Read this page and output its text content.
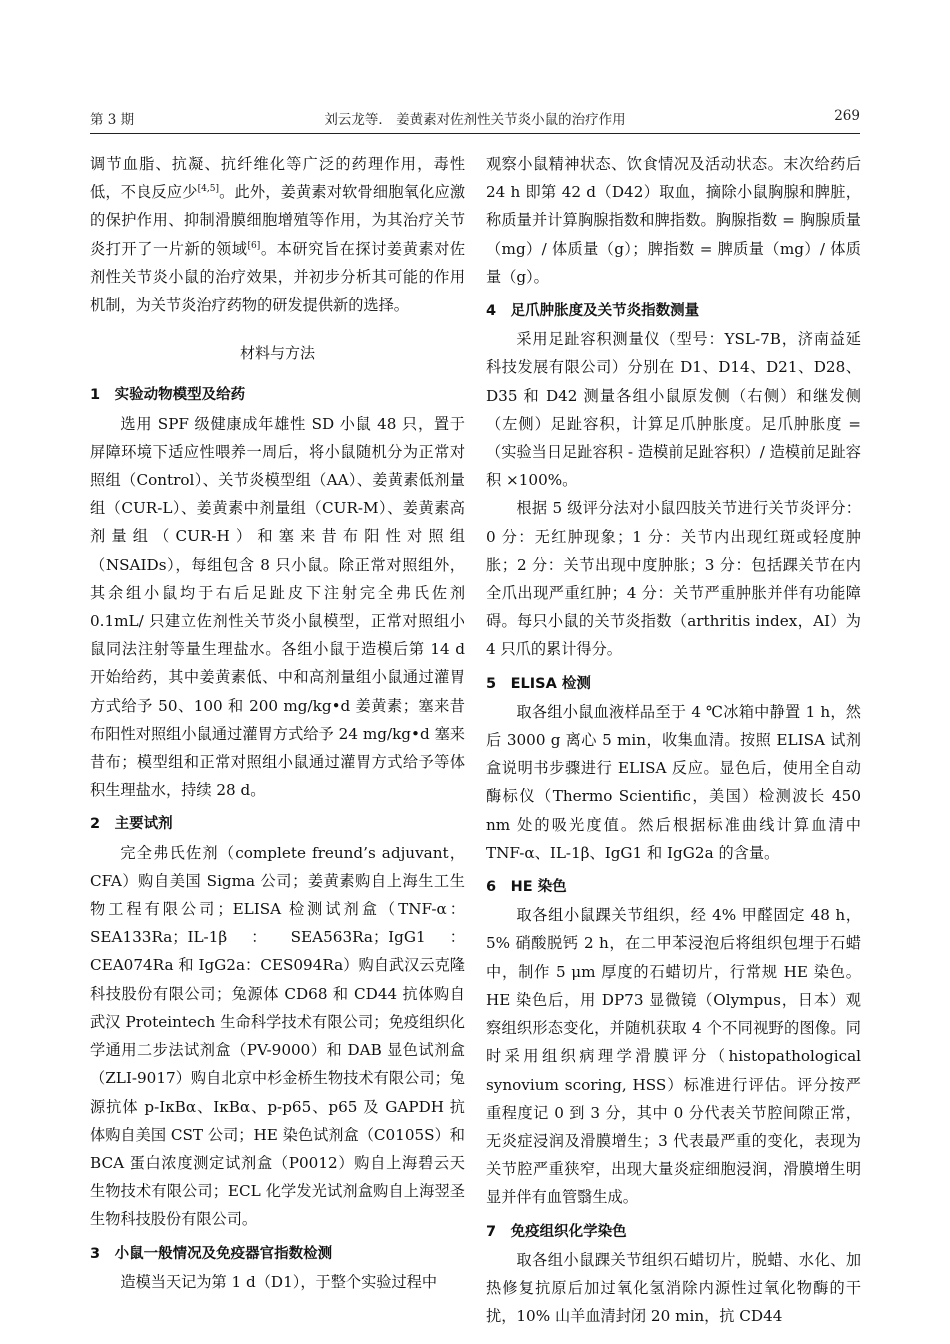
第 3 期	刘云龙等． 姜黄素对佐剂性关节炎小鼠的治疗作用	269

调节血脂、抗凝、抗纤维化等广泛的药理作用，毒性低，不良反应少[4,5]。此外，姜黄素对软骨细胞氧化应激的保护作用、抑制滑膜细胞增殖等作用，为其治疗关节炎打开了一片新的领域[6]。本研究旨在探讨姜黄素对佐剂性关节炎小鼠的治疗效果，并初步分析其可能的作用机制，为关节炎治疗药物的研发提供新的选择。

材料与方法
1　实验动物模型及给药

选用 SPF 级健康成年雄性 SD 小鼠 48 只，置于屏障环境下适应性喂养一周后，将小鼠随机分为正常对照组（Control）、关节炎模型组（AA）、姜黄素低剂量组（CUR-L）、姜黄素中剂量组（CUR-M）、姜黄素高剂量组（CUR-H）和塞来昔布阳性对照组（NSAIDs），每组包含 8 只小鼠。除正常对照组外，其余组小鼠均于右后足趾皮下注射完全弗氏佐剂 0.1mL/ 只建立佐剂性关节炎小鼠模型，正常对照组小鼠同法注射等量生理盐水。各组小鼠于造模后第 14 d 开始给药，其中姜黄素低、中和高剂量组小鼠通过灌胃方式给予 50、100 和 200 mg/kg•d 姜黄素；塞来昔布阳性对照组小鼠通过灌胃方式给予 24 mg/kg•d 塞来昔布；模型组和正常对照组小鼠通过灌胃方式给予等体积生理盐水，持续 28 d。

2　主要试剂

完全弗氏佐剂（complete freund’s adjuvant，CFA）购自美国 Sigma 公司；姜黄素购自上海生工生物工程有限公司；ELISA 检测试剂盒（TNF-α：SEA133Ra；IL-1β：SEA563Ra；IgG1：CEA074Ra 和 IgG2a：CES094Ra）购自武汉云克隆科技股份有限公司；兔源体 CD68 和 CD44 抗体购自武汉 Proteintech 生命科学技术有限公司；免疫组织化学通用二步法试剂盒（PV-9000）和 DAB 显色试剂盒（ZLI-9017）购自北京中杉金桥生物技术有限公司；兔源抗体 p-IκBα、IκBα、p-p65、p65 及 GAPDH 抗体购自美国 CST 公司；HE 染色试剂盒（C0105S）和 BCA 蛋白浓度测定试剂盒（P0012）购自上海碧云天生物技术有限公司；ECL 化学发光试剂盒购自上海翌圣生物科技股份有限公司。

3　小鼠一般情况及免疫器官指数检测

造模当天记为第 1 d（D1），于整个实验过程中

观察小鼠精神状态、饮食情况及活动状态。末次给药后 24 h 即第 42 d（D42）取血，摘除小鼠胸腺和脾脏，称质量并计算胸腺指数和脾指数。胸腺指数 = 胸腺质量（mg）/ 体质量（g）；脾指数 = 脾质量（mg）/ 体质量（g）。

4　足爪肿胀度及关节炎指数测量

采用足趾容积测量仪（型号：YSL-7B，济南益延科技发展有限公司）分别在 D1、D14、D21、D28、D35 和 D42 测量各组小鼠原发侧（右侧）和继发侧（左侧）足趾容积，计算足爪肿胀度。足爪肿胀度 =（实验当日足趾容积 - 造模前足趾容积）/ 造模前足趾容积 ×100%。

根据 5 级评分法对小鼠四肢关节进行关节炎评分：0 分：无红肿现象；1 分：关节内出现红斑或轻度肿胀；2 分：关节出现中度肿胀；3 分：包括踝关节在内全爪出现严重红肿；4 分：关节严重肿胀并伴有功能障碍。每只小鼠的关节炎指数（arthritis index，AI）为 4 只爪的累计得分。

5　ELISA 检测

取各组小鼠血液样品至于 4 ℃冰箱中静置 1 h，然后 3000 g 离心 5 min，收集血清。按照 ELISA 试剂盒说明书步骤进行 ELISA 反应。显色后，使用全自动酶标仪（Thermo Scientific，美国）检测波长 450 nm 处的吸光度值。然后根据标准曲线计算血清中 TNF-α、IL-1β、IgG1 和 IgG2a 的含量。

6　HE 染色

取各组小鼠踝关节组织，经 4% 甲醛固定 48 h，5% 硝酸脱钙 2 h，在二甲苯浸泡后将组织包埋于石蜡中，制作 5 μm 厚度的石蜡切片，行常规 HE 染色。HE 染色后，用 DP73 显微镜（Olympus，日本）观察组织形态变化，并随机获取 4 个不同视野的图像。同时采用组织病理学滑膜评分（histopathological synovium scoring, HSS）标准进行评估。评分按严重程度记 0 到 3 分，其中 0 分代表关节腔间隙正常，无炎症浸润及滑膜增生；3 代表最严重的变化，表现为关节腔严重狭窄，出现大量炎症细胞浸润，滑膜增生明显并伴有血管翳生成。

7　免疫组织化学染色

取各组小鼠踝关节组织石蜡切片，脱蜡、水化、加热修复抗原后加过氧化氢消除内源性过氧化物酶的干扰，10% 山羊血清封闭 20 min，抗 CD44
